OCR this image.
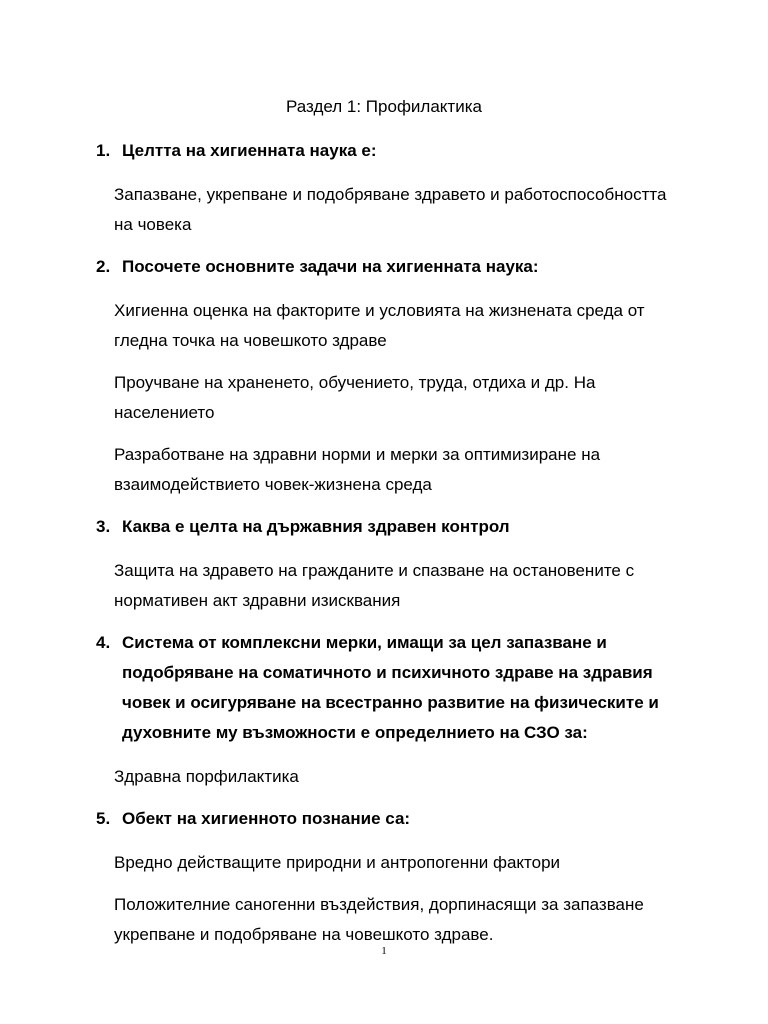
Раздел 1: Профилактика
1. Целтта на хигиенната наука е:

Запазване, укрепване и подобряване здравето и работоспособността на човека

2. Посочете основните задачи на хигиенната наука:

Хигиенна оценка на факторите и условията на жизнената среда от гледна точка на човешкото здраве

Проучване на храненето, обучението, труда, отдиха и др. На населението

Разработване на здравни норми и мерки за оптимизиране на взаимодействието човек-жизнена среда

3. Каква е целта на държавния здравен контрол

Защита на здравето на гражданите и спазване на остановените с нормативен акт здравни изисквания

4. Система от комплексни мерки, имащи за цел запазване и подобряване на соматичното и психичното здраве на здравия човек и осигуряване на всестранно развитие на физическите и духовните му възможности е определнието на СЗО за:

Здравна порфилактика

5. Обект на хигиенното познание са:

Вредно действащите природни и антропогенни фактори

Положителние саногенни въздействия, дорпинасящи за запазване укрепване и подобряване на човешкото здраве.

1
